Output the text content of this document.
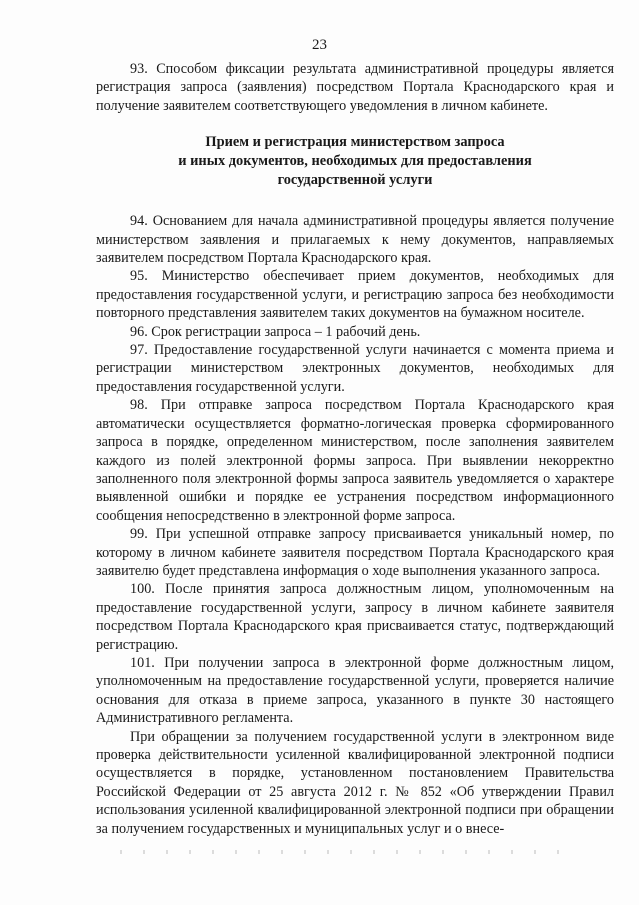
23

93. Способом фиксации результата административной процедуры является регистрация запроса (заявления) посредством Портала Краснодарского края и получение заявителем соответствующего уведомления в личном кабинете.

Прием и регистрация министерством запроса
и иных документов, необходимых для предоставления
государственной услуги

94. Основанием для начала административной процедуры является получение министерством заявления и прилагаемых к нему документов, направляемых заявителем посредством Портала Краснодарского края.

95. Министерство обеспечивает прием документов, необходимых для предоставления государственной услуги, и регистрацию запроса без необходимости повторного представления заявителем таких документов на бумажном носителе.

96. Срок регистрации запроса – 1 рабочий день.

97. Предоставление государственной услуги начинается с момента приема и регистрации министерством электронных документов, необходимых для предоставления государственной услуги.

98. При отправке запроса посредством Портала Краснодарского края автоматически осуществляется форматно-логическая проверка сформированного запроса в порядке, определенном министерством, после заполнения заявителем каждого из полей электронной формы запроса. При выявлении некорректно заполненного поля электронной формы запроса заявитель уведомляется о характере выявленной ошибки и порядке ее устранения посредством информационного сообщения непосредственно в электронной форме запроса.

99. При успешной отправке запросу присваивается уникальный номер, по которому в личном кабинете заявителя посредством Портала Краснодарского края заявителю будет представлена информация о ходе выполнения указанного запроса.

100. После принятия запроса должностным лицом, уполномоченным на предоставление государственной услуги, запросу в личном кабинете заявителя посредством Портала Краснодарского края присваивается статус, подтверждающий регистрацию.

101. При получении запроса в электронной форме должностным лицом, уполномоченным на предоставление государственной услуги, проверяется наличие основания для отказа в приеме запроса, указанного в пункте 30 настоящего Административного регламента.

При обращении за получением государственной услуги в электронном виде проверка действительности усиленной квалифицированной электронной подписи осуществляется в порядке, установленном постановлением Правительства Российской Федерации от 25 августа 2012 г. № 852 «Об утверждении Правил использования усиленной квалифицированной электронной подписи при обращении за получением государственных и муниципальных услуг и о внесе-
